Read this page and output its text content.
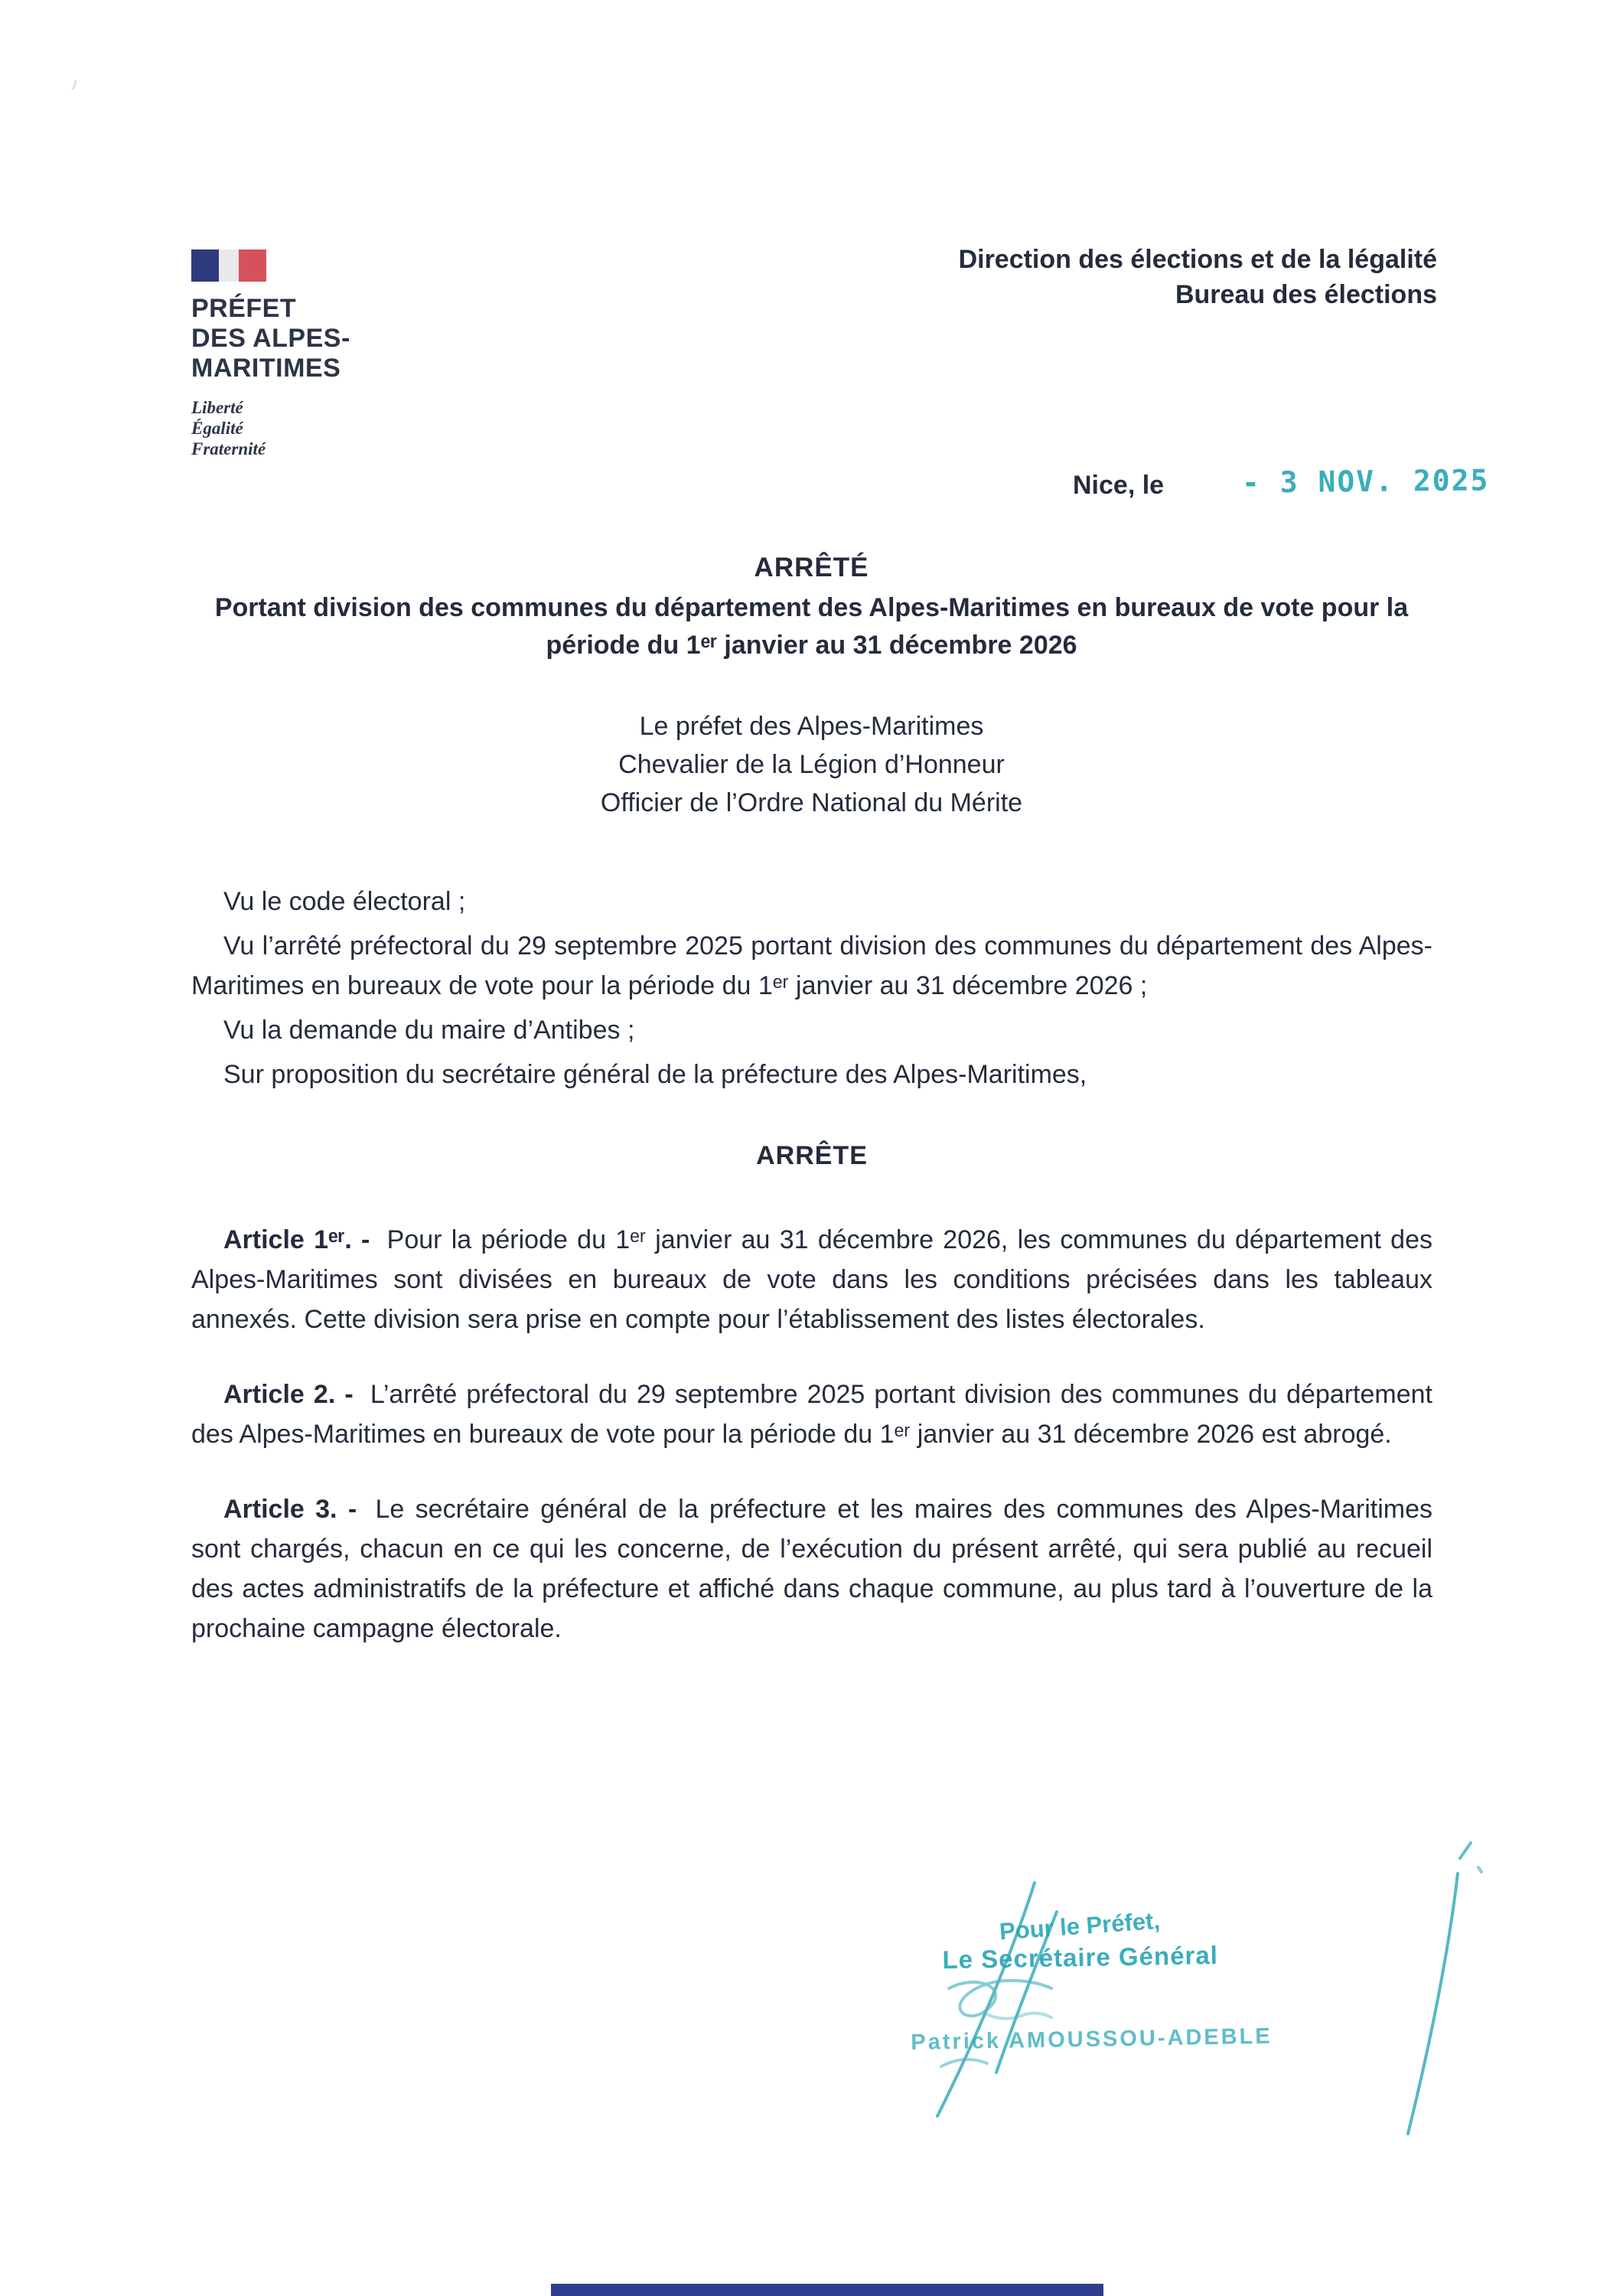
PRÉFET
DES ALPES-
MARITIMES
Liberté
Égalité
Fraternité
Direction des élections et de la légalité
Bureau des élections
Nice, le	- 3 NOV. 2025
ARRÊTÉ
Portant division des communes du département des Alpes-Maritimes en bureaux de vote pour la période du 1ᵉʳ janvier au 31 décembre 2026
Le préfet des Alpes-Maritimes
Chevalier de la Légion d’Honneur
Officier de l’Ordre National du Mérite

Vu le code électoral ;

Vu l’arrêté préfectoral du 29 septembre 2025 portant division des communes du département des Alpes-Maritimes en bureaux de vote pour la période du 1ᵉʳ janvier au 31 décembre 2026 ;

Vu la demande du maire d’Antibes ;

Sur proposition du secrétaire général de la préfecture des Alpes-Maritimes,

ARRÊTE

Article 1ᵉʳ. - Pour la période du 1ᵉʳ janvier au 31 décembre 2026, les communes du département des Alpes-Maritimes sont divisées en bureaux de vote dans les conditions précisées dans les tableaux annexés. Cette division sera prise en compte pour l’établissement des listes électorales.

Article 2. - L’arrêté préfectoral du 29 septembre 2025 portant division des communes du département des Alpes-Maritimes en bureaux de vote pour la période du 1ᵉʳ janvier au 31 décembre 2026 est abrogé.

Article 3. - Le secrétaire général de la préfecture et les maires des communes des Alpes-Maritimes sont chargés, chacun en ce qui les concerne, de l’exécution du présent arrêté, qui sera publié au recueil des actes administratifs de la préfecture et affiché dans chaque commune, au plus tard à l’ouverture de la prochaine campagne électorale.

Pour le Préfet,
Le Secrétaire Général
Patrick AMOUSSOU-ADEBLE
